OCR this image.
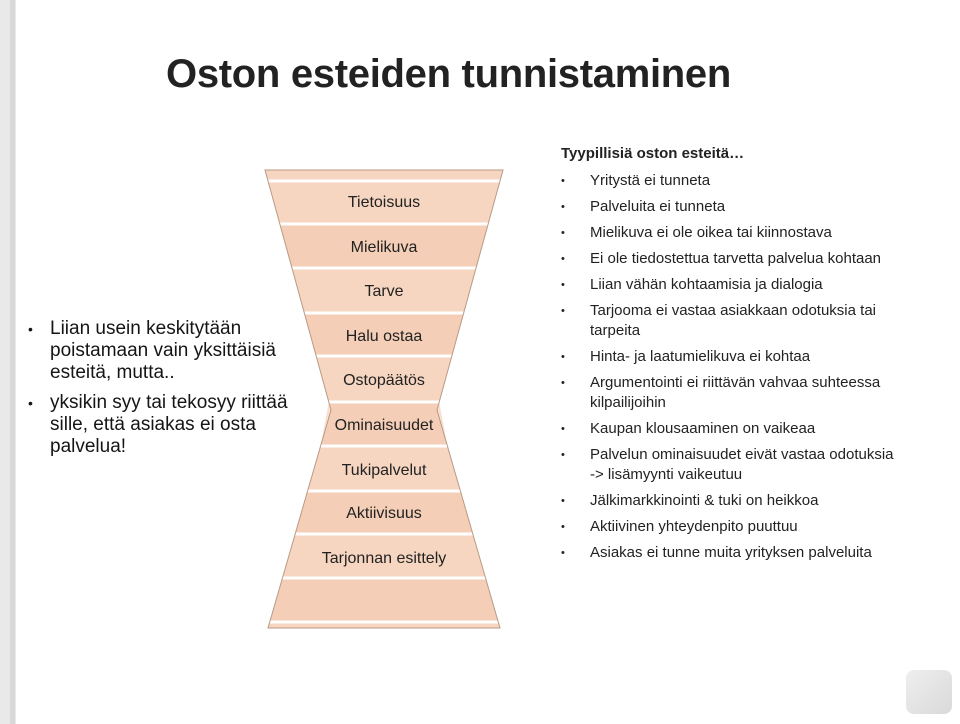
Oston esteiden tunnistaminen
• Liian usein keskitytään poistamaan vain yksittäisiä esteitä, mutta..
• yksikin syy tai tekosyy riittää sille, että asiakas ei osta palvelua!
Tietoisuus
Mielikuva
Tarve
Halu ostaa
Ostopäätös
Ominaisuudet
Tukipalvelut
Aktiivisuus
Tarjonnan esittely
Tyypillisiä oston esteitä…
• Yritystä ei tunneta
• Palveluita ei tunneta
• Mielikuva ei ole oikea tai kiinnostava
• Ei ole tiedostettua tarvetta palvelua kohtaan
• Liian vähän kohtaamisia ja dialogia
• Tarjooma ei vastaa asiakkaan odotuksia tai tarpeita
• Hinta- ja laatumielikuva ei kohtaa
• Argumentointi ei riittävän vahvaa suhteessa kilpailijoihin
• Kaupan klousaaminen on vaikeaa
• Palvelun ominaisuudet eivät vastaa odotuksia -> lisämyynti vaikeutuu
• Jälkimarkkinointi & tuki on heikkoa
• Aktiivinen yhteydenpito puuttuu
• Asiakas ei tunne muita yrityksen palveluita
